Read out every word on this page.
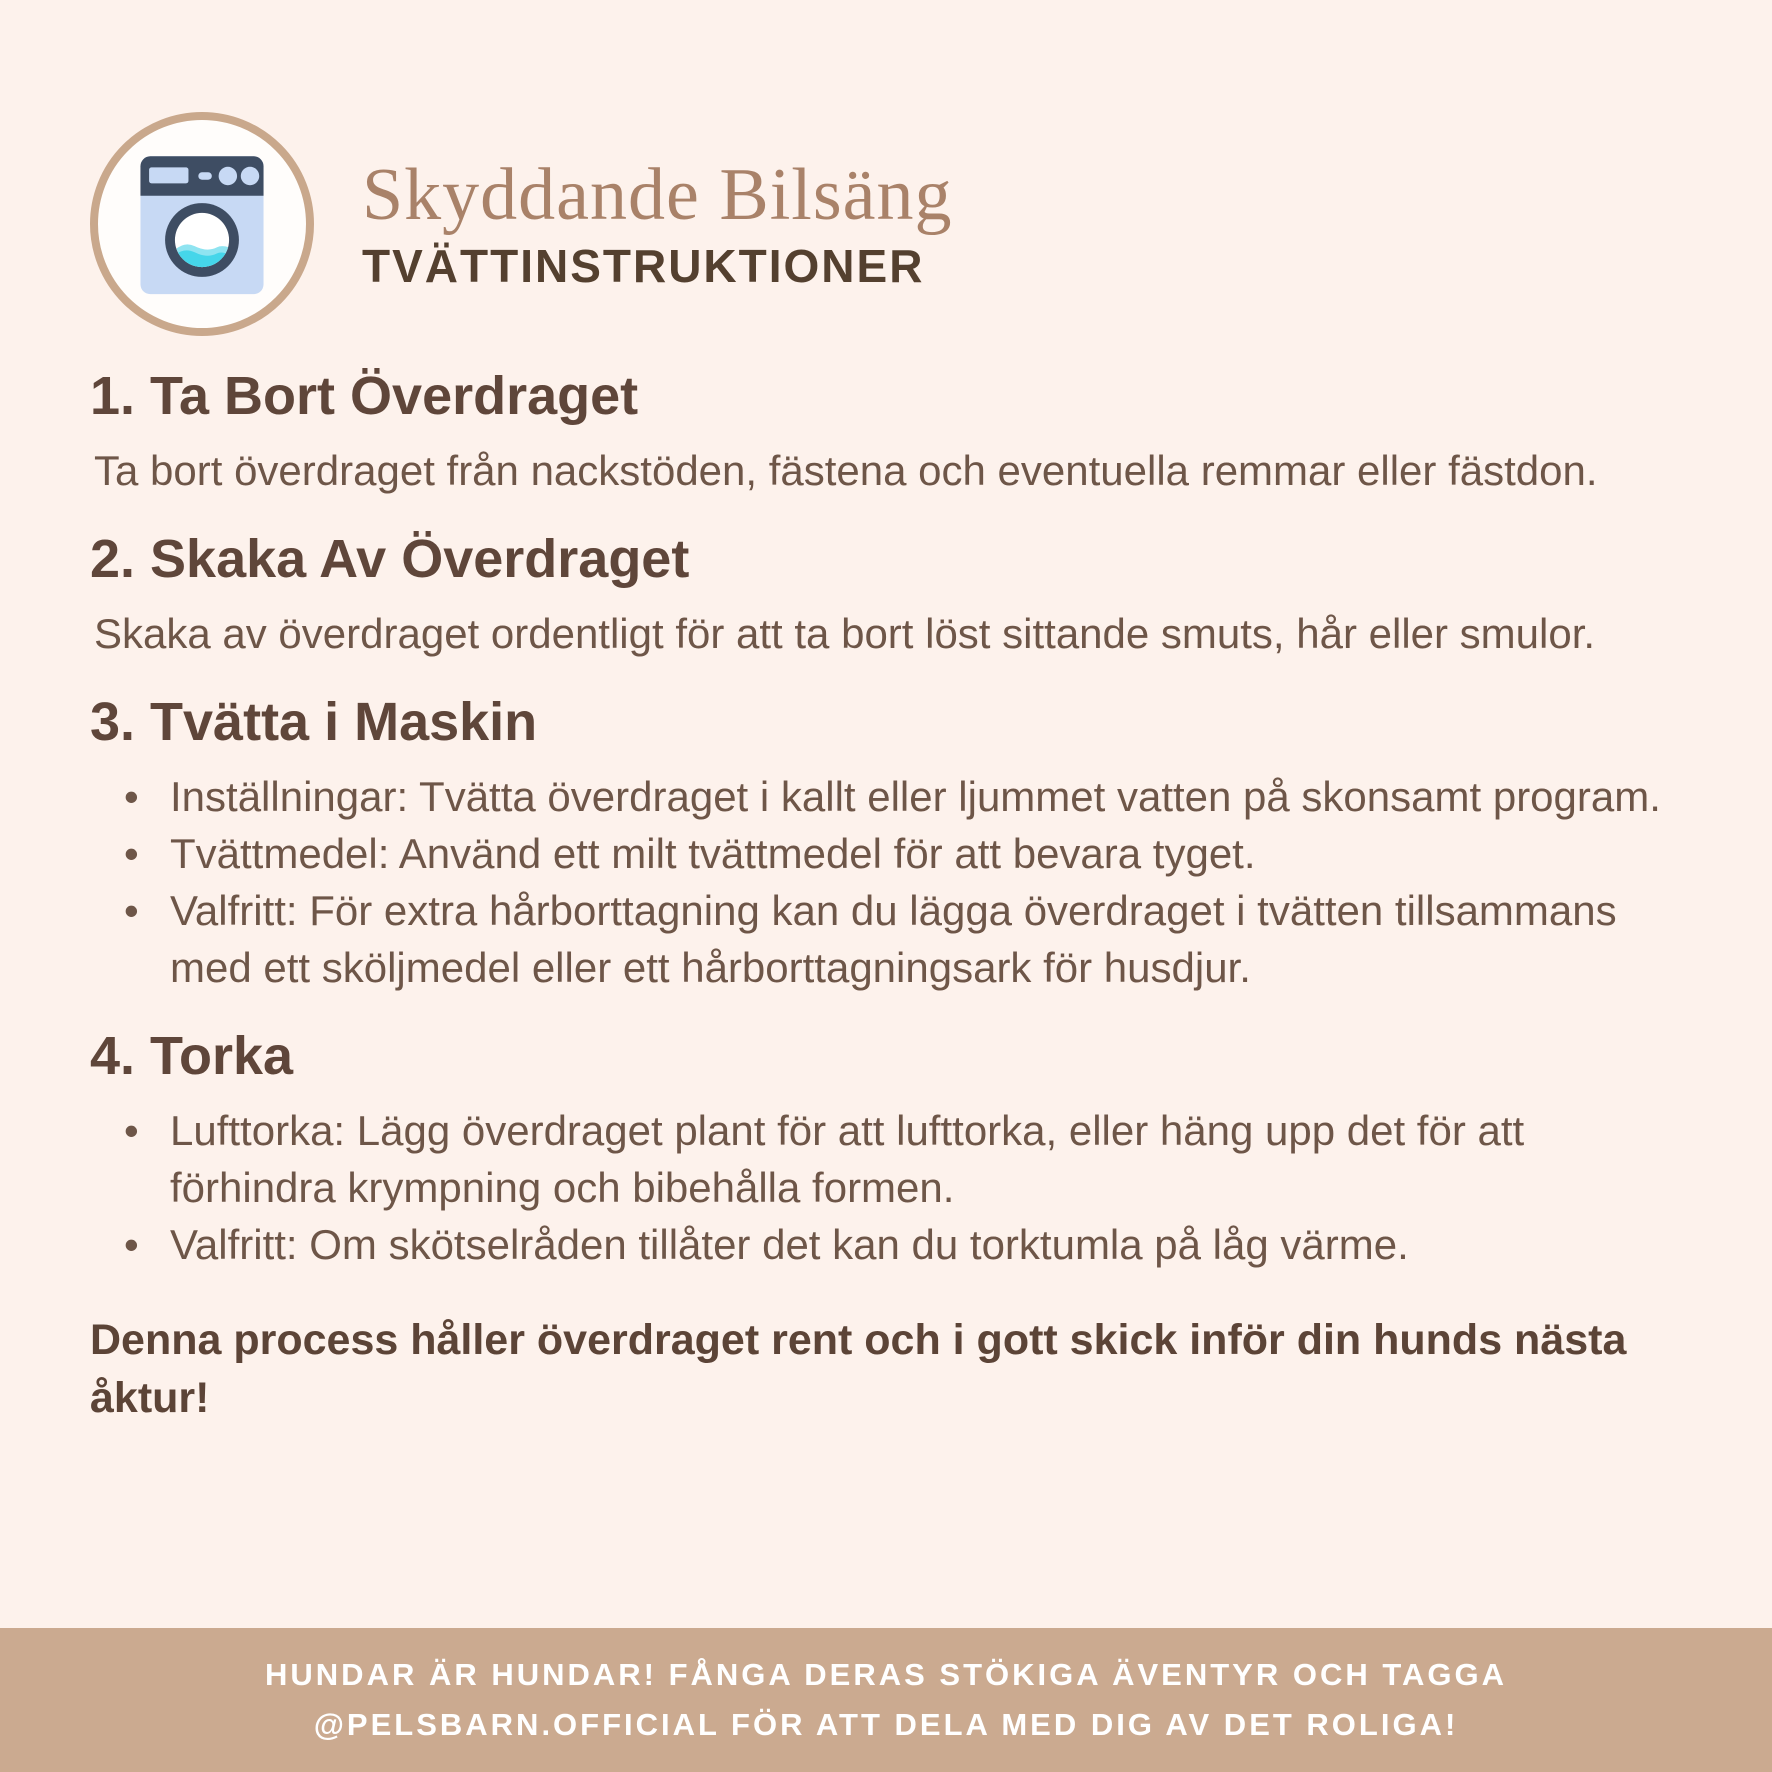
Skyddande Bilsäng
TVÄTTINSTRUKTIONER
1. Ta Bort Överdraget

Ta bort överdraget från nackstöden, fästena och eventuella remmar eller fästdon.

2. Skaka Av Överdraget

Skaka av överdraget ordentligt för att ta bort löst sittande smuts, hår eller smulor.

3. Tvätta i Maskin
• Inställningar: Tvätta överdraget i kallt eller ljummet vatten på skonsamt program.
• Tvättmedel: Använd ett milt tvättmedel för att bevara tyget.
• Valfritt: För extra hårborttagning kan du lägga överdraget i tvätten tillsammans med ett sköljmedel eller ett hårborttagningsark för husdjur.
4. Torka
• Lufttorka: Lägg överdraget plant för att lufttorka, eller häng upp det för att förhindra krympning och bibehålla formen.
• Valfritt: Om skötselråden tillåter det kan du torktumla på låg värme.

Denna process håller överdraget rent och i gott skick inför din hunds nästa åktur!

HUNDAR ÄR HUNDAR! FÅNGA DERAS STÖKIGA ÄVENTYR OCH TAGGA
@PELSBARN.OFFICIAL FÖR ATT DELA MED DIG AV DET ROLIGA!
